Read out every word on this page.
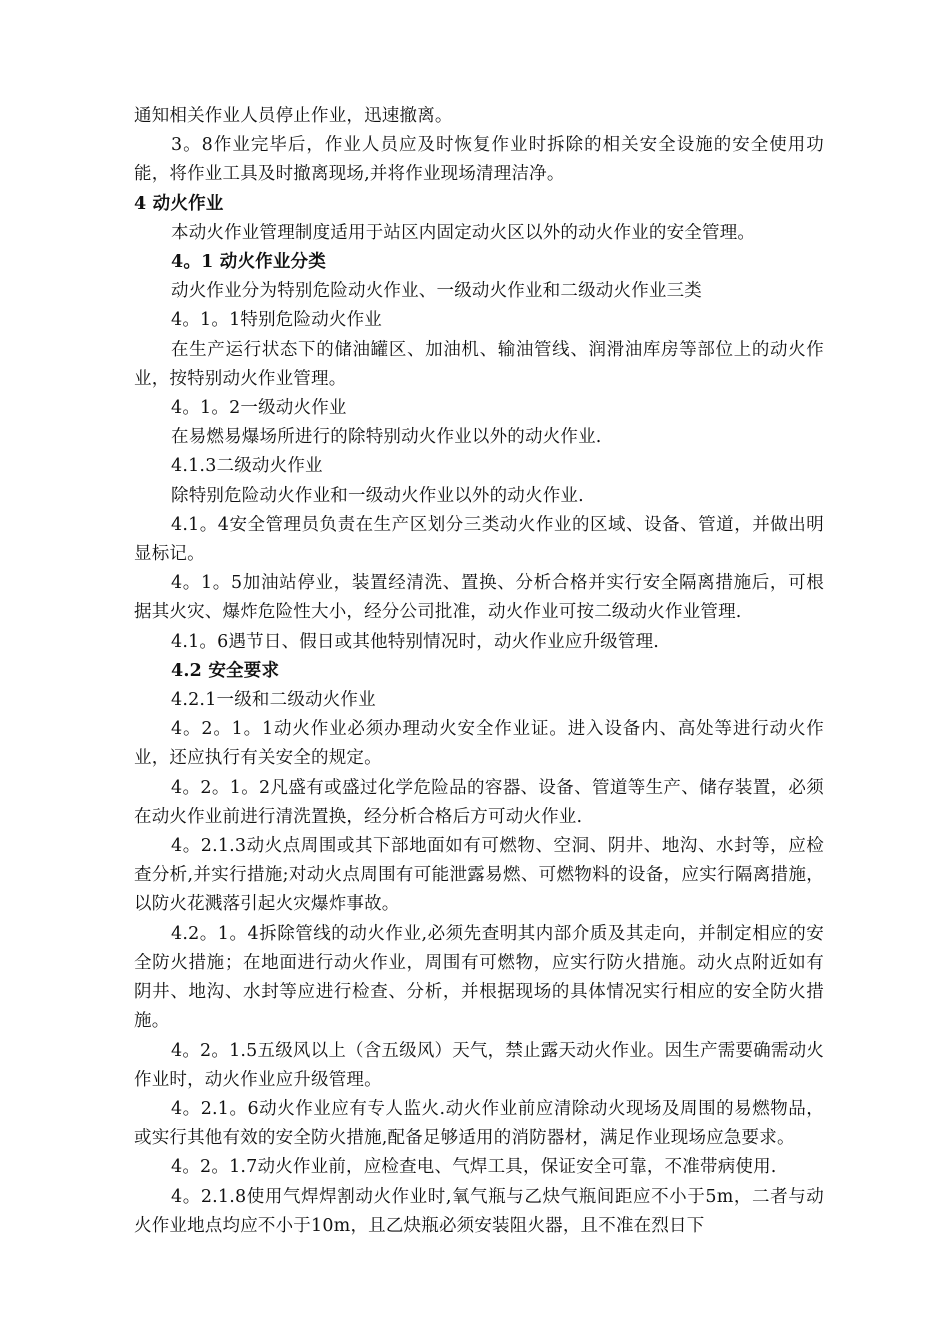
通知相关作业人员停止作业，迅速撤离。

3。8作业完毕后，作业人员应及时恢复作业时拆除的相关安全设施的安全使用功能，将作业工具及时撤离现场,并将作业现场清理洁净。

4 动火作业

本动火作业管理制度适用于站区内固定动火区以外的动火作业的安全管理。

4。1 动火作业分类

动火作业分为特别危险动火作业、一级动火作业和二级动火作业三类

4。1。1特别危险动火作业

在生产运行状态下的储油罐区、加油机、输油管线、润滑油库房等部位上的动火作业，按特别动火作业管理。

4。1。2一级动火作业

在易燃易爆场所进行的除特别动火作业以外的动火作业.

4.1.3二级动火作业

除特别危险动火作业和一级动火作业以外的动火作业.

4.1。4安全管理员负责在生产区划分三类动火作业的区域、设备、管道，并做出明显标记。

4。1。5加油站停业，装置经清洗、置换、分析合格并实行安全隔离措施后，可根据其火灾、爆炸危险性大小，经分公司批准，动火作业可按二级动火作业管理.

4.1。6遇节日、假日或其他特别情况时，动火作业应升级管理.

4.2 安全要求

4.2.1一级和二级动火作业

4。2。1。1动火作业必须办理动火安全作业证。进入设备内、高处等进行动火作业，还应执行有关安全的规定。

4。2。1。2凡盛有或盛过化学危险品的容器、设备、管道等生产、储存装置，必须在动火作业前进行清洗置换，经分析合格后方可动火作业.

4。2.1.3动火点周围或其下部地面如有可燃物、空洞、阴井、地沟、水封等，应检查分析,并实行措施;对动火点周围有可能泄露易燃、可燃物料的设备，应实行隔离措施，以防火花溅落引起火灾爆炸事故。

4.2。1。4拆除管线的动火作业,必须先查明其内部介质及其走向，并制定相应的安全防火措施；在地面进行动火作业，周围有可燃物，应实行防火措施。动火点附近如有阴井、地沟、水封等应进行检查、分析，并根据现场的具体情况实行相应的安全防火措施。

4。2。1.5五级风以上（含五级风）天气，禁止露天动火作业。因生产需要确需动火作业时，动火作业应升级管理。

4。2.1。6动火作业应有专人监火.动火作业前应清除动火现场及周围的易燃物品，或实行其他有效的安全防火措施,配备足够适用的消防器材，满足作业现场应急要求。

4。2。1.7动火作业前，应检查电、气焊工具，保证安全可靠，不准带病使用.

4。2.1.8使用气焊焊割动火作业时,氧气瓶与乙炔气瓶间距应不小于5m，二者与动火作业地点均应不小于10m，且乙炔瓶必须安装阻火器，且不准在烈日下
